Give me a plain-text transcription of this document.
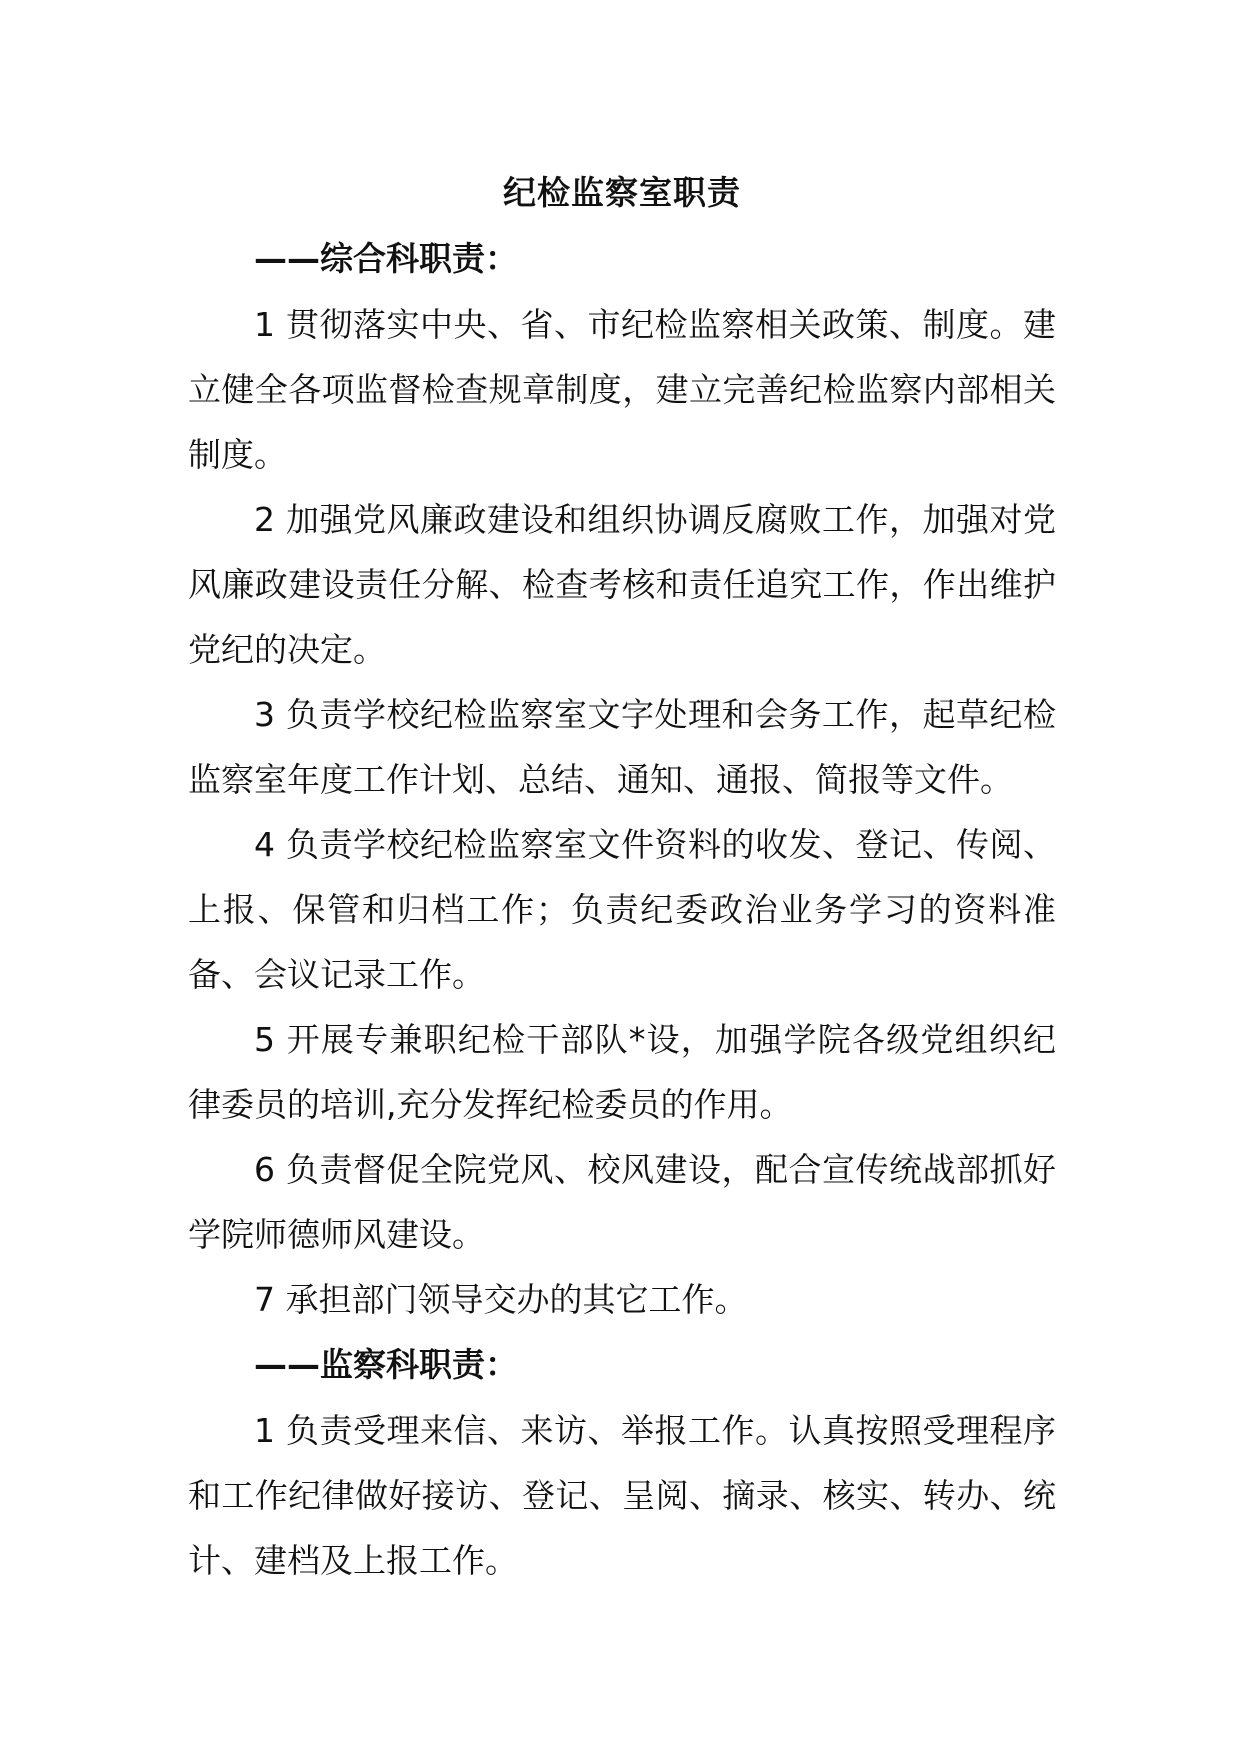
纪检监察室职责

——综合科职责：

1 贯彻落实中央、省、市纪检监察相关政策、制度。建立健全各项监督检查规章制度，建立完善纪检监察内部相关制度。

2 加强党风廉政建设和组织协调反腐败工作，加强对党风廉政建设责任分解、检查考核和责任追究工作，作出维护党纪的决定。

3 负责学校纪检监察室文字处理和会务工作，起草纪检监察室年度工作计划、总结、通知、通报、简报等文件。

4 负责学校纪检监察室文件资料的收发、登记、传阅、上报、保管和归档工作；负责纪委政治业务学习的资料准备、会议记录工作。

5 开展专兼职纪检干部队*设，加强学院各级党组织纪律委员的培训,充分发挥纪检委员的作用。

6 负责督促全院党风、校风建设，配合宣传统战部抓好学院师德师风建设。

7 承担部门领导交办的其它工作。

——监察科职责：

1 负责受理来信、来访、举报工作。认真按照受理程序和工作纪律做好接访、登记、呈阅、摘录、核实、转办、统计、建档及上报工作。
